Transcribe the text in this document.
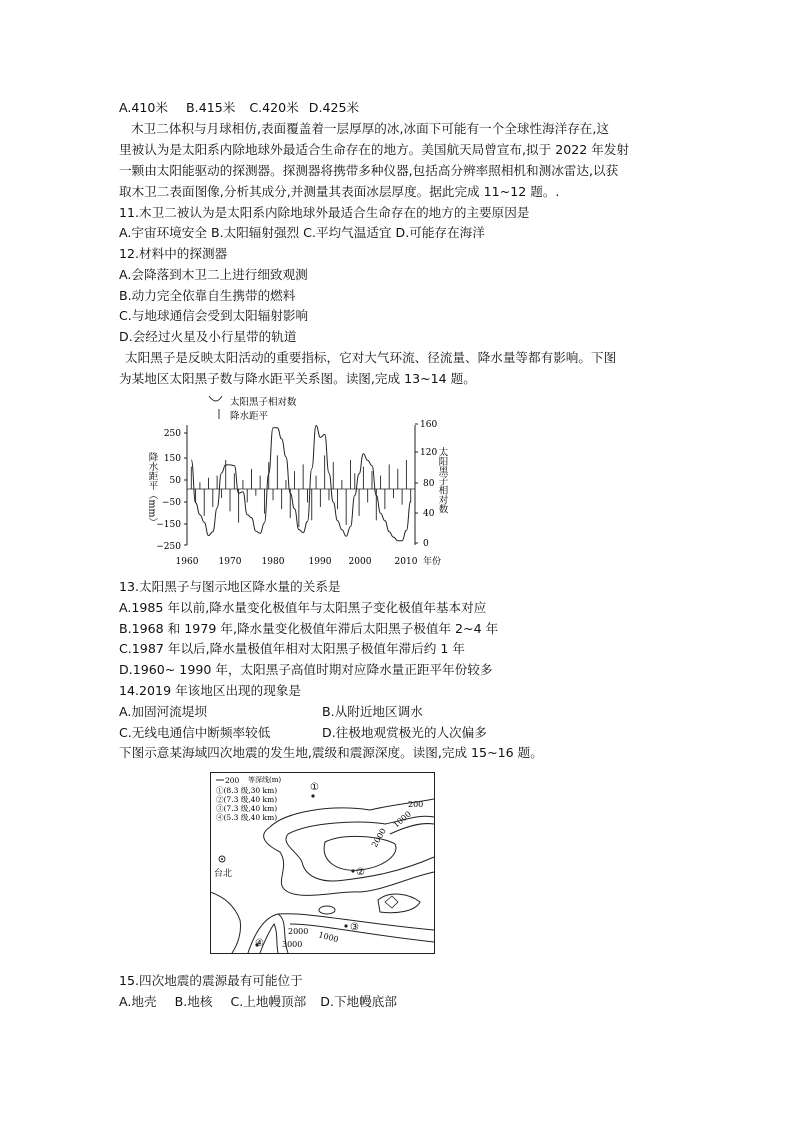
A.410米 B.415米 C.420米 D.425米
木卫二体积与月球相仿,表面覆盖着一层厚厚的冰,冰面下可能有一个全球性海洋存在,这
里被认为是太阳系内除地球外最适合生命存在的地方。美国航天局曾宣布,拟于 2022 年发射
一颗由太阳能驱动的探测器。探测器将携带多种仪器,包括高分辨率照相机和测冰雷达,以获
取木卫二表面图像,分析其成分,并测量其表面冰层厚度。据此完成 11~12 题。.
11.木卫二被认为是太阳系内除地球外最适合生命存在的地方的主要原因是
A.宇宙环境安全 B.太阳辐射强烈 C.平均气温适宜 D.可能存在海洋
12.材料中的探测器
A.会降落到木卫二上进行细致观测
B.动力完全依靠自生携带的燃料
C.与地球通信会受到太阳辐射影响
D.会经过火星及小行星带的轨道
太阳黑子是反映太阳活动的重要指标，它对大气环流、径流量、降水量等都有影响。下图
为某地区太阳黑子数与降水距平关系图。读图,完成 13~14 题。
太阳黑子相对数
降水距平
250
150
50
−50
−150
−250
160
120
80
40
0
降水距平（mm）	太阳黑子相对数
1960 1970 1980	1990 2000	2010 年份
13.太阳黑子与图示地区降水量的关系是
A.1985 年以前,降水量变化极值年与太阳黑子变化极值年基本对应
B.1968 和 1979 年,降水量变化极值年滞后太阳黑子极值年 2~4 年
C.1987 年以后,降水量极值年相对太阳黑子极值年滞后约 1 年
D.1960~ 1990 年，太阳黑子高值时期对应降水量正距平年份较多
14.2019 年该地区出现的现象是
A.加固河流堤坝	B.从附近地区调水
C.无线电通信中断频率较低	D.往极地观赏极光的人次偏多
下图示意某海域四次地震的发生地,震级和震源深度。读图,完成 15~16 题。
200 等深线(m)
①(8.3 级,30 km)
②(7.3 级,40 km)
③(7.3 级,40 km)
④(5.3 级,40 km)
200
1000
2000
台北
2000
3000
1000
①
②
③
④
15.四次地震的震源最有可能位于
A.地壳 B.地核 C.上地幔顶部 D.下地幔底部
